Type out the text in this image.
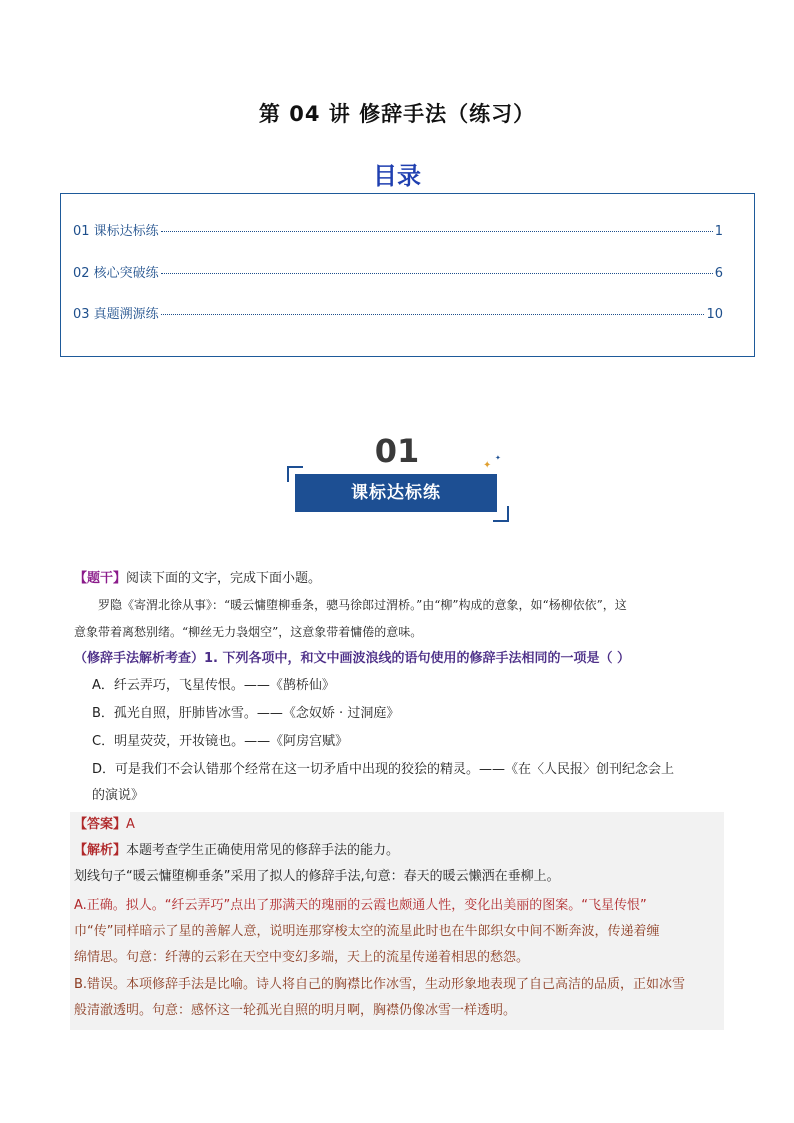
第 04 讲 修辞手法（练习）
目录
01 课标达标练	1
02 核心突破练	6
03 真题溯源练	10
01
课标达标练
✦
✦
【题干】阅读下面的文字，完成下面小题。
罗隐《寄渭北徐从事》：“暖云慵堕柳垂条，骢马徐郎过渭桥。”由“柳”构成的意象，如“杨柳依依”，这
意象带着离愁别绪。“柳丝无力袅烟空”，这意象带着慵倦的意味。
（修辞手法解析考查）1. 下列各项中，和文中画波浪线的语句使用的修辞手法相同的一项是（ ）
A．纤云弄巧，飞星传恨。——《鹊桥仙》
B．孤光自照，肝肺皆冰雪。——《念奴娇 · 过洞庭》
C．明星荧荧，开妆镜也。——《阿房宫赋》
D．可是我们不会认错那个经常在这一切矛盾中出现的狡狯的精灵。——《在〈人民报〉创刊纪念会上
的演说》
【答案】A
【解析】本题考查学生正确使用常见的修辞手法的能力。
划线句子“暖云慵堕柳垂条”采用了拟人的修辞手法,句意：春天的暖云懒洒在垂柳上。
A.正确。拟人。“纤云弄巧”点出了那满天的瑰丽的云霞也颇通人性，变化出美丽的图案。“飞星传恨”
巾“传”同样暗示了星的善解人意，说明连那穿梭太空的流星此时也在牛郎织女中间不断奔波，传递着缠
绵情思。句意：纤薄的云彩在天空中变幻多端，天上的流星传递着相思的愁怨。
B.错误。本项修辞手法是比喻。诗人将自己的胸襟比作冰雪，生动形象地表现了自己高洁的品质，正如冰雪
般清澈透明。句意：感怀这一轮孤光自照的明月啊，胸襟仍像冰雪一样透明。
